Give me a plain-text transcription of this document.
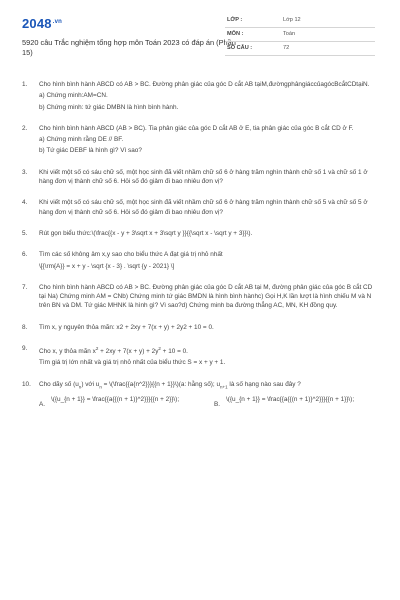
$2048^{.vn}$
5920 câu Trắc nghiệm tổng hợp môn Toán 2023 có đáp án (Phần 15)
LỚP :	Lớp 12
MÔN :	Toán
SỐ CÂU :	72
1. Cho hình bình hành ABCD có AB > BC. Đường phân giác của góc D cắt AB tạiM,đườngphângiáccủagócBcắtCDtạiN.

a) Chứng minh:AM=CN.

b) Chứng minh: tứ giác DMBN là hình bình hành.

2. Cho hình bình hành ABCD (AB > BC). Tia phân giác của góc D cắt AB ở E, tia phân giác của góc B cắt CD ở F.

a) Chứng minh rằng DE // BF.

b) Tứ giác DEBF là hình gì? Vì sao?

3. Khi viết một số có sáu chữ số, một học sinh đã viết nhầm chữ số 6 ở hàng trăm nghìn thành chữ số 1 và chữ số 1 ở hàng đơn vị thành chữ số 6. Hỏi số đó giảm đi bao nhiêu đơn vị?

4. Khi viết một số có sáu chữ số, một học sinh đã viết nhầm chữ số 6 ở hàng trăm nghìn thành chữ số 5 và chữ số 5 ở hàng đơn vị thành chữ số 6. Hỏi số đó giảm đi bao nhiêu đơn vị?

5. Rút gọn biểu thức:\(\frac{{x - y + 3\sqrt x + 3\sqrt y }}{{\sqrt x - \sqrt y + 3}}\).

6. Tìm các số không âm x,y sao cho biểu thức A đạt giá trị nhỏ nhất

\[{\rm{A}} = x + y - \sqrt {x - 3} . \sqrt {y - 2021} \]

7. Cho hình bình hành ABCD có AB > BC. Đường phân giác của góc D cắt AB tại M, đường phân giác của góc B cắt CD tại Na) Chứng minh AM = CNb) Chứng minh tứ giác BMDN là hình bình hànhc) Gọi H,K lần lượt là hình chiếu M và N trên BN và DM. Tứ giác MHNK là hình gì? Vì sao?d) Chứng minh ba đường thẳng AC, MN, KH đồng quy.

8. Tìm x, y nguyên thỏa mãn: x2 + 2xy + 7(x + y) + 2y2 + 10 = 0.

9. Cho x, y thỏa mãn $x^2 + 2xy + 7(x + y) + 2y^2 + 10 = 0$.

Tìm giá trị lớn nhất và giá trị nhỏ nhất của biểu thức S = x + y + 1.

10. Cho dãy số $(u_n)$ với $u_n$ = \(\frac{{a{n^2}}}{{n + 1}}\)(a: hằng số); $u_{n+1}$ là số hạng nào sau đây ?

A.
\({u_{n + 1}} = \frac{{a{{(n + 1)}^2}}}{{n + 2}}\);
B.
\({u_{n + 1}} = \frac{{a{{(n + 1)}^2}}}{{n + 1}}\);
